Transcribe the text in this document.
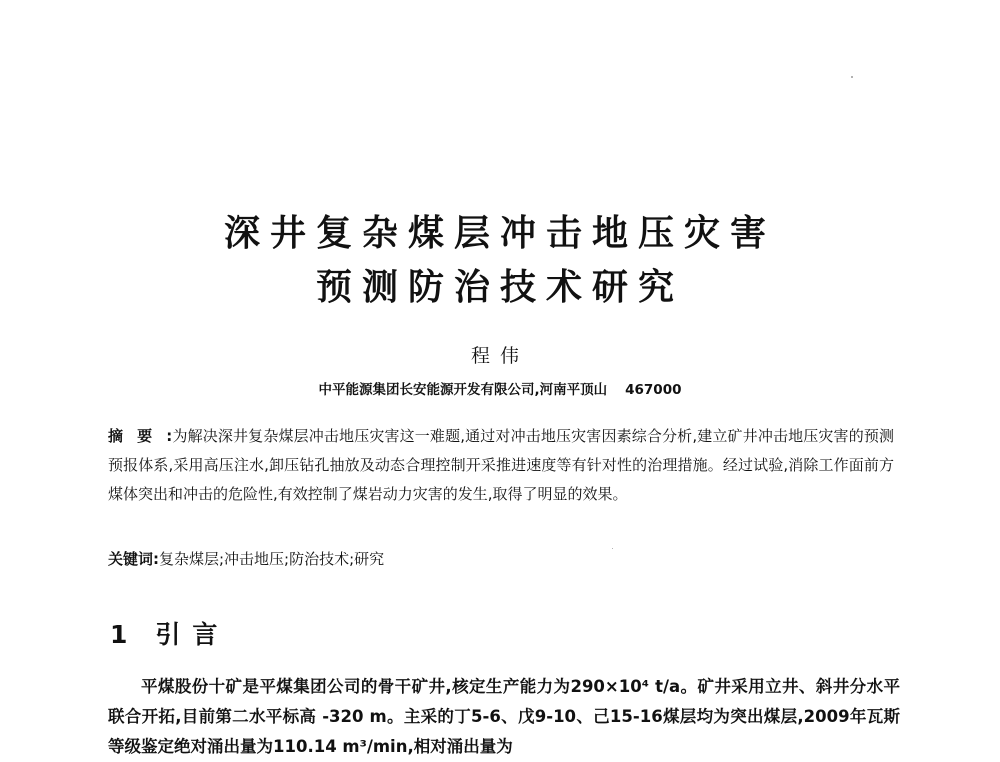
深井复杂煤层冲击地压灾害
预测防治技术研究
程伟
中平能源集团长安能源开发有限公司,河南平顶山 467000
摘要:为解决深井复杂煤层冲击地压灾害这一难题,通过对冲击地压灾害因素综合分析,建立矿井冲击地压灾害的预测预报体系,采用高压注水,卸压钻孔抽放及动态合理控制开采推进速度等有针对性的治理措施。经过试验,消除工作面前方煤体突出和冲击的危险性,有效控制了煤岩动力灾害的发生,取得了明显的效果。
关键词:复杂煤层;冲击地压;防治技术;研究
1 引言
平煤股份十矿是平煤集团公司的骨干矿井,核定生产能力为290×10⁴ t/a。矿井采用立井、斜井分水平联合开拓,目前第二水平标高 -320 m。主采的丁5-6、戊9-10、己15-16煤层均为突出煤层,2009年瓦斯等级鉴定绝对涌出量为110.14 m³/min,相对涌出量为
